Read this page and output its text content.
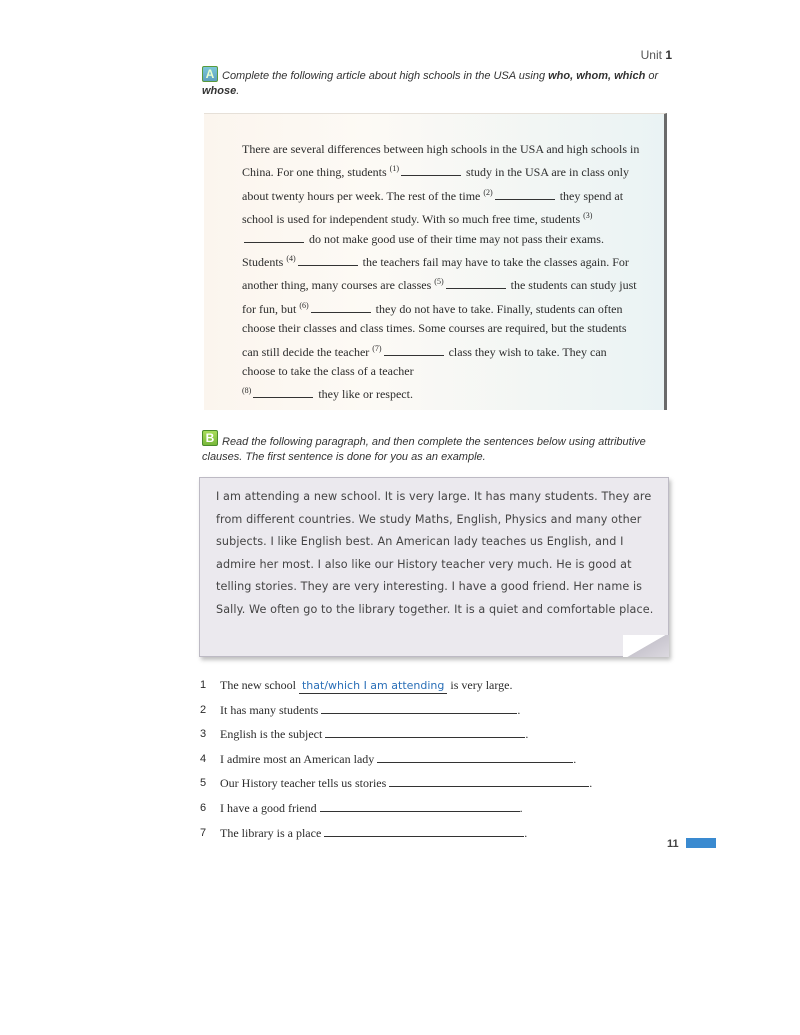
Unit 1
A Complete the following article about high schools in the USA using who, whom, which or whose.
There are several differences between high schools in the USA and high schools in China. For one thing, students $^{(1)}$	study in the USA are in class only about twenty hours per week. The rest of the time $^{(2)}$	they spend at school is used for independent study. With so much free time, students $^{(3)}$ do not make good use of their time may not pass their exams. Students $^{(4)}$	the teachers fail may have to take the classes again. For another thing, many courses are classes $^{(5)}$	the students can study just for fun, but $^{(6)}$	they do not have to take. Finally, students can often choose their classes and class times. Some courses are required, but the students can still decide the teacher $^{(7)}$	class they wish to take. They can choose to take the class of a teacher
$^{(8)}$	they like or respect.
B Read the following paragraph, and then complete the sentences below using attributive clauses. The first sentence is done for you as an example.
I am attending a new school. It is very large. It has many students. They are from different countries. We study Maths, English, Physics and many other subjects. I like English best. An American lady teaches us English, and I admire her most. I also like our History teacher very much. He is good at telling stories. They are very interesting. I have a good friend. Her name is Sally. We often go to the library together. It is a quiet and comfortable place.
1 The new school that/which I am attending is very large.
2 It has many students	.
3 English is the subject	.
4 I admire most an American lady	.
5 Our History teacher tells us stories	.
6 I have a good friend	.
7 The library is a place	.
11
